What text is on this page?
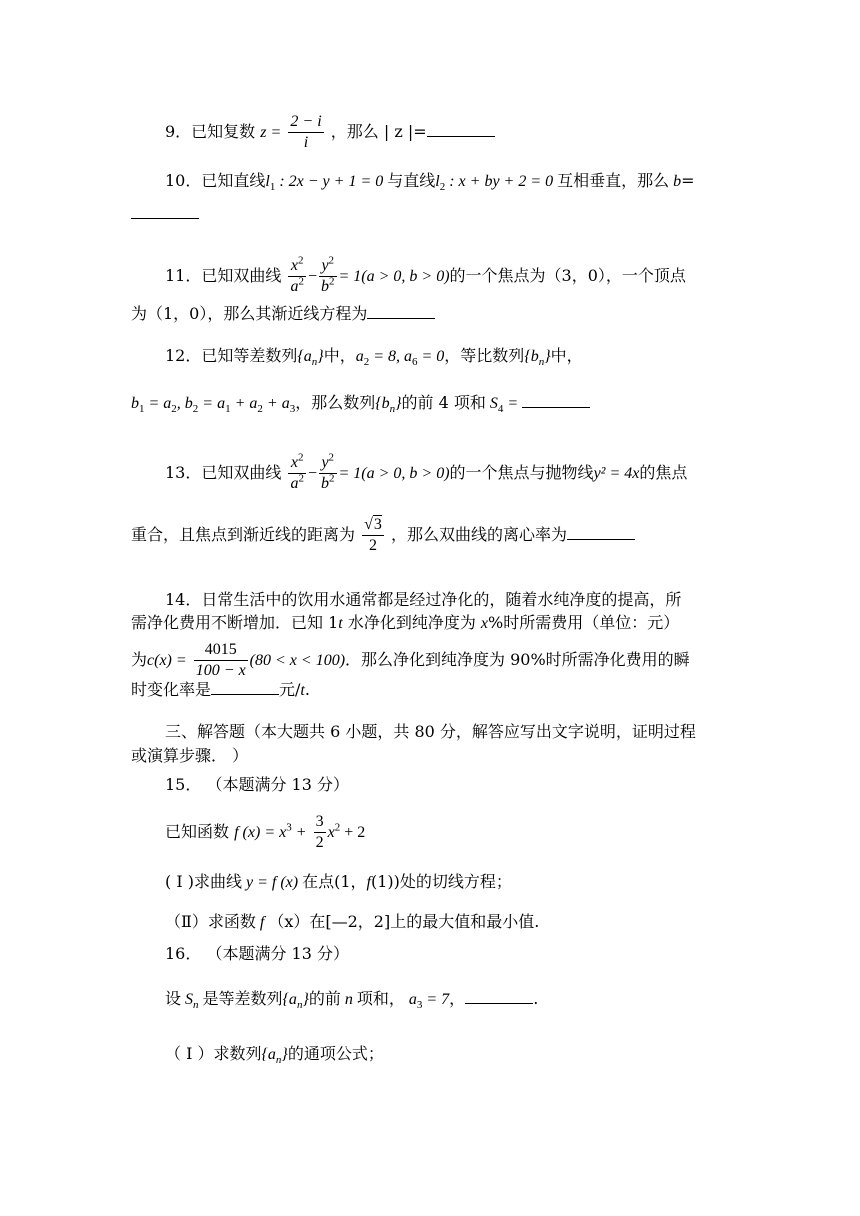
9．已知复数 $z = \frac{2 - i}{i}$ ，那么 | z |=
10．已知直线$l_1$ : 2x − y + 1 = 0 与直线$l_2$ : x + by + 2 = 0 互相垂直，那么 b=
11．已知双曲线 $\frac{x^2}{a^2} - \frac{y^2}{b^2} = 1(a > 0$, b > 0)的一个焦点为（3，0），一个顶点
为（1，0），那么其渐近线方程为
12．已知等差数列$\{a_n\}$中，$a_2 = 8$, $a_6 = 0$，等比数列$\{b_n\}$中，
$b_1 = a_2$, $b_2 = a_1 + a_2 + a_3$，那么数列$\{b_n\}$的前 4 项和 $S_4$ =
13．已知双曲线 $\frac{x^2}{a^2} - \frac{y^2}{b^2} = 1(a > 0$, b > 0)的一个焦点与抛物线y² = 4x的焦点
重合，且焦点到渐近线的距离为 $\frac{√3}{2}$ ，那么双曲线的离心率为
14．日常生活中的饮用水通常都是经过净化的，随着水纯净度的提高，所
需净化费用不断增加．已知 1t 水净化到纯净度为 x%时所需费用（单位：元）
为$c(x) = \frac{4015}{100 - x} (80 < x < 100)$．那么净化到纯净度为 90%时所需净化费用的瞬
时变化率是	元/t.
三、解答题（本大题共 6 小题，共 80 分，解答应写出文字说明，证明过程
或演算步骤． ）
15． （本题满分 13 分）
已知函数 f $(x) = x^3 + \frac{3}{2} x^2 + 2$
( Ⅰ )求曲线 y = f (x) 在点(1，f(1))处的切线方程；
（Ⅱ）求函数 f （x）在[—2，2]上的最大值和最小值.
16． （本题满分 13 分）
设 $S_n$ 是等差数列$\{a_n\}$的前 n 项和， $a_3 = 7$，	.
（ Ⅰ ）求数列$\{a_n\}$的通项公式；
